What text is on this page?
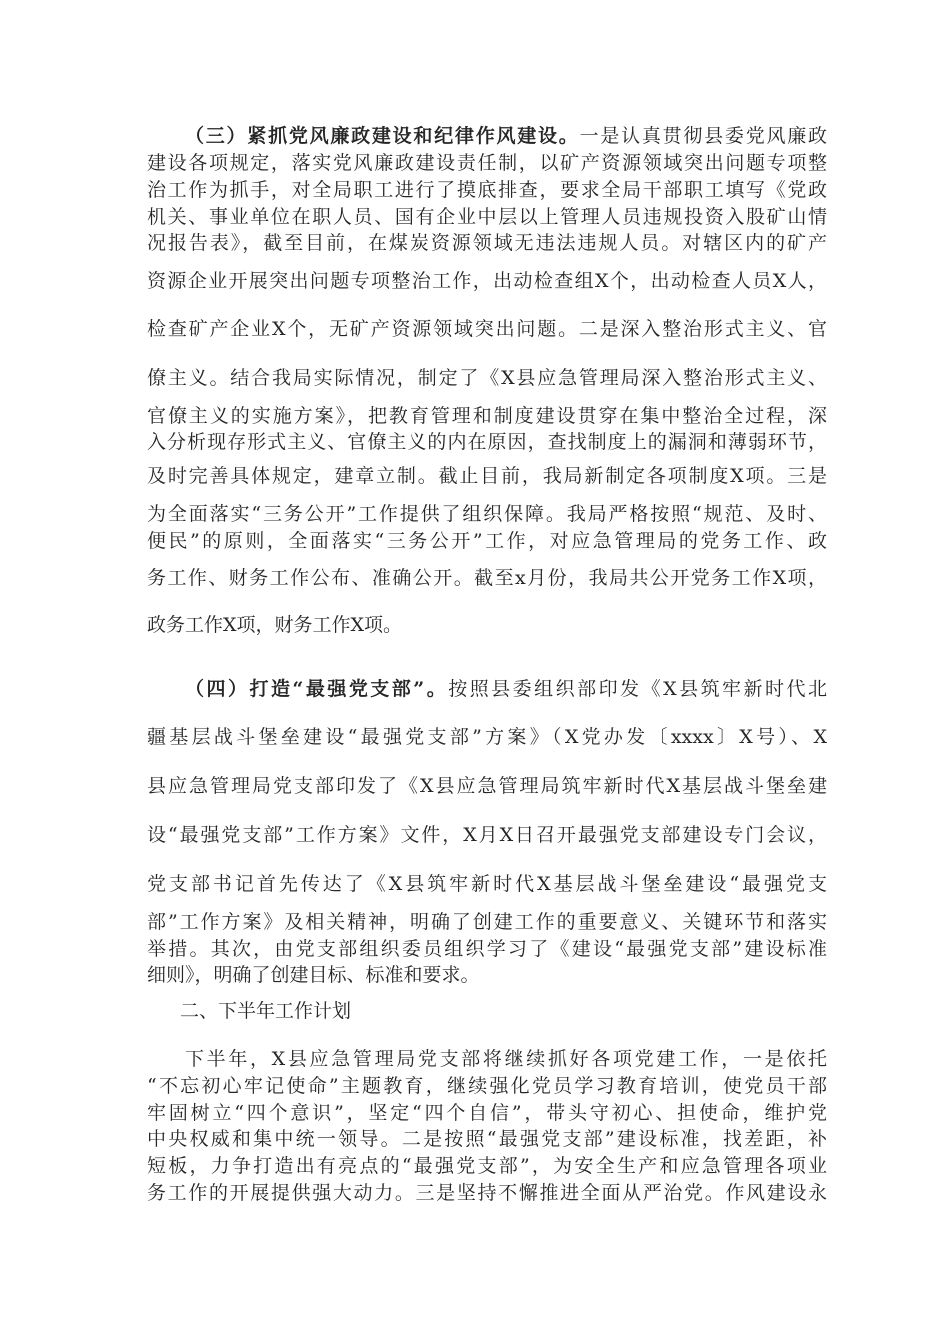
（三）紧抓党风廉政建设和纪律作风建设。一是认真贯彻县委党风廉政
建设各项规定，落实党风廉政建设责任制，以矿产资源领域突出问题专项整
治工作为抓手，对全局职工进行了摸底排查，要求全局干部职工填写《党政
机关、事业单位在职人员、国有企业中层以上管理人员违规投资入股矿山情
况报告表》，截至目前，在煤炭资源领域无违法违规人员。对辖区内的矿产
资源企业开展突出问题专项整治工作，出动检查组X个，出动检查人员X人，
检查矿产企业X个，无矿产资源领域突出问题。二是深入整治形式主义、官
僚主义。结合我局实际情况，制定了《X县应急管理局深入整治形式主义、
官僚主义的实施方案》，把教育管理和制度建设贯穿在集中整治全过程，深
入分析现存形式主义、官僚主义的内在原因，查找制度上的漏洞和薄弱环节，
及时完善具体规定，建章立制。截止目前，我局新制定各项制度X项。三是
为全面落实“三务公开”工作提供了组织保障。我局严格按照“规范、及时、
便民”的原则，全面落实“三务公开”工作，对应急管理局的党务工作、政
务工作、财务工作公布、准确公开。截至x月份，我局共公开党务工作X项，
政务工作X项，财务工作X项。
（四）打造“最强党支部”。按照县委组织部印发《X县筑牢新时代北
疆基层战斗堡垒建设“最强党支部”方案》（X党办发〔xxxx〕X号）、X
县应急管理局党支部印发了《X县应急管理局筑牢新时代X基层战斗堡垒建
设“最强党支部”工作方案》文件，X月X日召开最强党支部建设专门会议，
党支部书记首先传达了《X县筑牢新时代X基层战斗堡垒建设“最强党支
部”工作方案》及相关精神，明确了创建工作的重要意义、关键环节和落实
举措。其次，由党支部组织委员组织学习了《建设“最强党支部”建设标准
细则》，明确了创建目标、标准和要求。
二、下半年工作计划
下半年，X县应急管理局党支部将继续抓好各项党建工作，一是依托
“不忘初心牢记使命”主题教育，继续强化党员学习教育培训，使党员干部
牢固树立“四个意识”，坚定“四个自信”，带头守初心、担使命，维护党
中央权威和集中统一领导。二是按照“最强党支部”建设标准，找差距，补
短板，力争打造出有亮点的“最强党支部”，为安全生产和应急管理各项业
务工作的开展提供强大动力。三是坚持不懈推进全面从严治党。作风建设永
